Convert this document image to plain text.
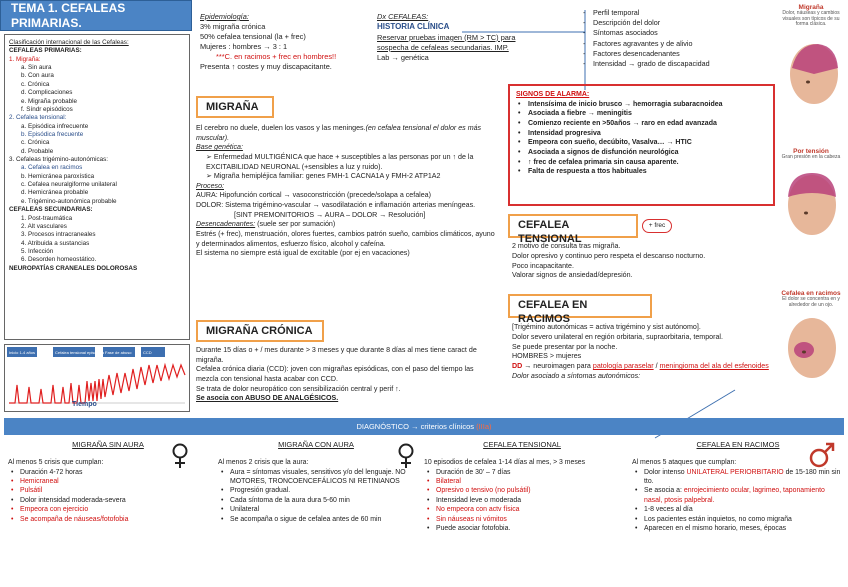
TEMA 1. CEFALEAS PRIMARIAS.
Clasificación internacional de las Cefaleas:
CEFALEAS PRIMARIAS:
1. Migraña:
a. Sin aura
b. Con aura
c. Crónica
d. Complicaciones
e. Migraña probable
f. Síndr episódicos
2. Cefalea tensional:
a. Episódica infrecuente
b. Episódica frecuente
c. Crónica
d. Probable
3. Cefaleas trigémino-autonómicas:
a. Cefalea en racimos
b. Hemicránea paroxística
c. Cefalea neuralgiforme unilateral
d. Hemicránea probable
e. Trigémino-autonómica probable
CEFALEAS SECUNDARIAS:
1. Post-traumática
2. Alt vasculares
3. Procesos intracraneales
4. Atribuida a sustancias
5. Infección
6. Desorden homeostático.
NEUROPATÍAS CRANEALES DOLOROSAS
Inicio 1-4 años	Cefalea tensional episódica Fase de abuso	CCD
Tiempo
Epidemiología:
3% migraña crónica
50% cefalea tensional (la + frec)
Mujeres : hombres → 3 : 1
***C. en racimos + frec en hombres!!
Presenta ↑ costes y muy discapacitante.
Dx CEFALEAS:
HISTORIA CLÍNICA
Reservar pruebas imagen (RM > TC) para sospecha de cefaleas secundarias. IMP.
Lab → genética
- Perfil temporal
- Descripción del dolor
- Síntomas asociados
- Factores agravantes y de alivio
- Factores desencadenantes
- Intensidad → grado de discapacidad
MIGRAÑA
El cerebro no duele, duelen los vasos y las meninges.(en cefalea tensional el dolor es más muscular).
Base genética:
➢ Enfermedad MULTIGÉNICA que hace + susceptibles a las personas por un ↑ de la EXCITABILIDAD NEURONAL (+sensibles a luz y ruido).
➢ Migraña hemipléjica familiar: genes FMH-1 CACNA1A y FMH-2 ATP1A2
Proceso:
AURA: Hipofunción cortical → vasoconstricción (precede/solapa a cefalea)
DOLOR: Sistema trigémino-vascular → vasodilatación e inflamación arterias meníngeas.
[SINT PREMONITORIOS → AURA – DOLOR → Resolución]
Desencadenantes: (suele ser por sumación)
Estrés (+ frec), menstruación, olores fuertes, cambios patrón sueño, cambios climáticos, ayuno y determinados alimentos, esfuerzo físico, alcohol y cafeína.
El sistema no siempre está igual de excitable (por ej en vacaciones)
MIGRAÑA CRÓNICA
Durante 15 días o + / mes durante > 3 meses y que durante 8 días al mes tiene caract de migraña.
Cefalea crónica diaria (CCD): joven con migrañas episódicas, con el paso del tiempo las mezcla con tensional hasta acabar con CCD.
Se trata de dolor neuropático con sensibilización central y perif ↑.
Se asocia con ABUSO DE ANALGÉSICOS.
SIGNOS DE ALARMA:
• Intensísima de inicio brusco → hemorragia subaracnoidea
• Asociada a fiebre → meningitis
• Comienzo reciente en >50años → raro en edad avanzada
• Intensidad progresiva
• Empeora con sueño, decúbito, Vasalva… → HTIC
• Asociada a signos de disfunción neurológica
• ↑ frec de cefalea primaria sin causa aparente.
• Falta de respuesta a ttos habituales
CEFALEA TENSIONAL
+ frec
2 motivo de consulta tras migraña.
Dolor opresivo y continuo pero respeta el descanso nocturno.
Poco incapacitante.
Valorar signos de ansiedad/depresión.
CEFALEA EN RACIMOS
[Trigémino autonómicas = activa trigémino y sist autónomo].
Dolor severo unilateral en región orbitaria, supraorbitaria, temporal.
Se puede presentar por la noche.
HOMBRES > mujeres
DD → neuroimagen para patología paraselar / meningioma del ala del esfenoides
Dolor asociado a síntomas autonómicos:
Migraña
Dolor, náuseas y cambios visuales son típicos de su forma clásica.
Por tensión
Gran presión en la cabeza
Cefalea en racimos
El dolor se concentra en y alrededor de un ojo.
DIAGNÓSTICO → criterios clínicos
(IIIa)
MIGRAÑA SIN AURA
Al menos 5 crisis que cumplan:
• Duración 4-72 horas
• Hemicraneal
• Pulsátil
• Dolor intensidad moderada-severa
• Empeora con ejercicio
• Se acompaña de náuseas/fotofobia
MIGRAÑA CON AURA
Al menos 2 crisis que la aura:
• Aura = síntomas visuales, sensitivos y/o del lenguaje. NO MOTORES, TRONCOENCEFÁLICOS NI RETINIANOS
• Progresión gradual.
• Cada síntoma de la aura dura 5-60 min
• Unilateral
• Se acompaña o sigue de cefalea antes de 60 min
CEFALEA TENSIONAL
10 episodios de cefalea 1-14 días al mes, > 3 meses
• Duración de 30' – 7 días
• Bilateral
• Opresivo o tensivo (no pulsátil)
• Intensidad leve o moderada
• No empeora con actv física
• Sin náuseas ni vómitos
• Puede asociar fotofobia.
CEFALEA EN RACIMOS
Al menos 5 ataques que cumplan:
• Dolor intenso UNILATERAL PERIORBITARIO de 15-180 min sin tto.
• Se asocia a: enrojecimiento ocular, lagrimeo, taponamiento nasal, ptosis palpebral.
• 1-8 veces al día
• Los pacientes están inquietos, no como migraña
• Aparecen en el mismo horario, meses, épocas
